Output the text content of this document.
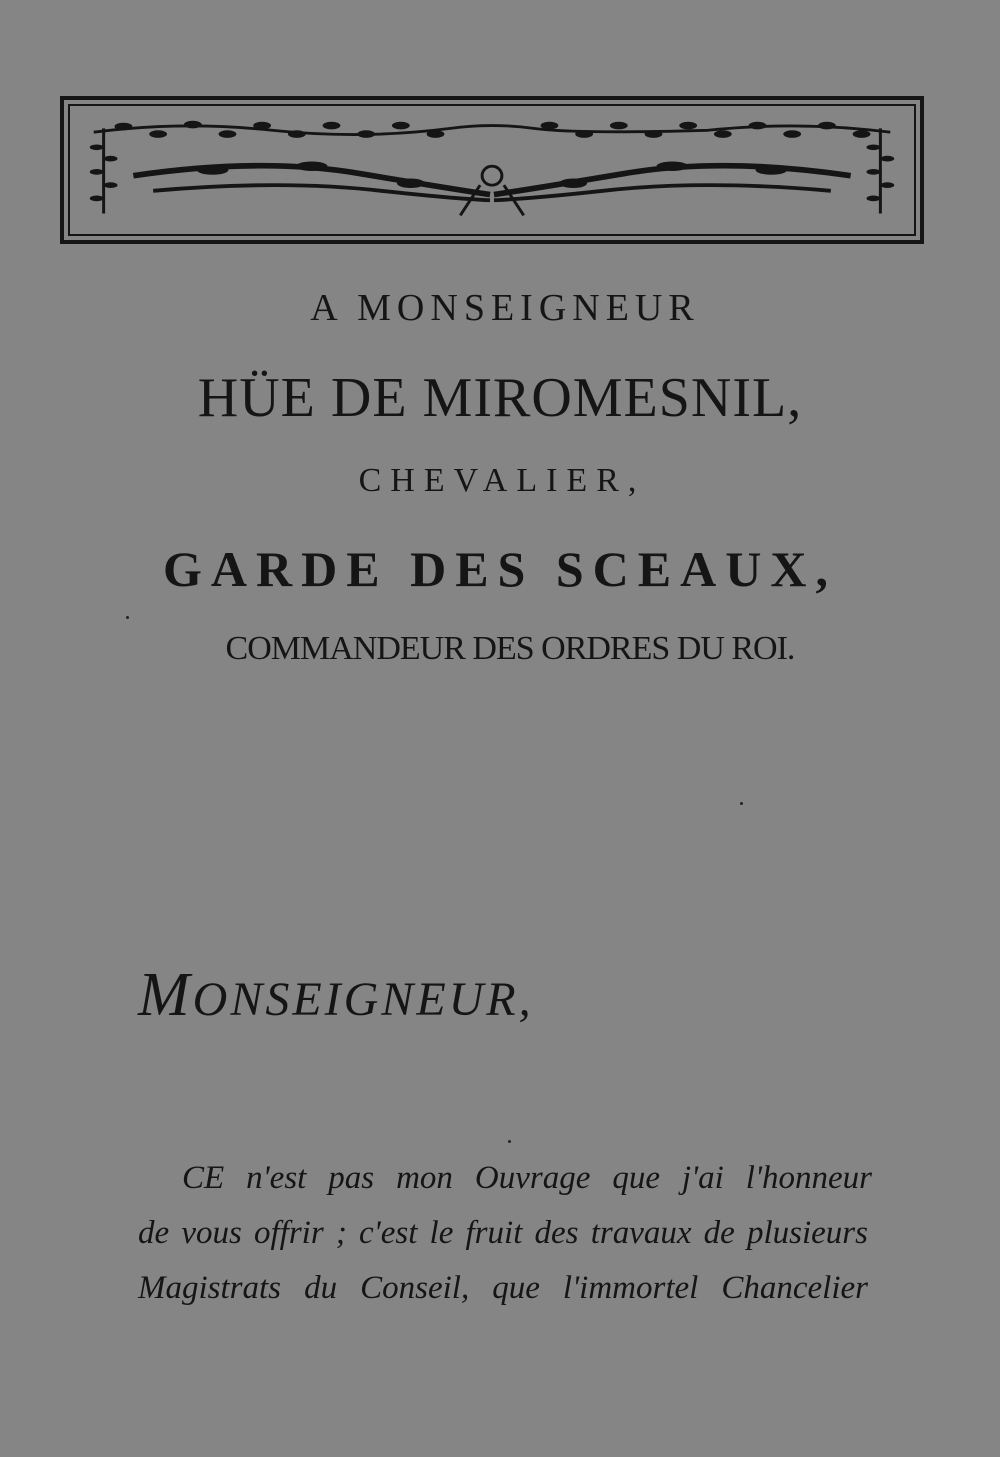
A MONSEIGNEUR

HÜE DE MIROMESNIL,

CHEVALIER,

GARDE DES SCEAUX,

COMMANDEUR DES ORDRES DU ROI.

MONSEIGNEUR,
CE n'est pas mon Ouvrage que j'ai l'honneur
de vous offrir ; c'est le fruit des travaux de plusieurs
Magistrats du Conseil, que l'immortel Chancelier
